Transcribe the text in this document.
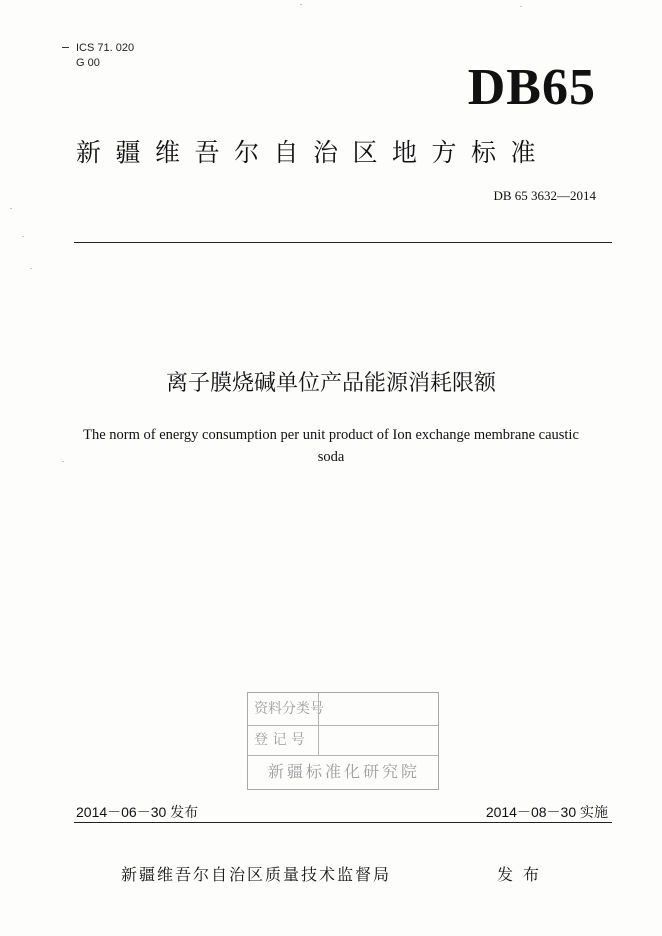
ICS 71. 020
G 00	DB65
新疆维吾尔自治区地方标准
DB 65 3632—2014
离子膜烧碱单位产品能源消耗限额
The norm of energy consumption per unit product of Ion exchange membrane caustic
soda
资料分类号
登 记 号
新疆标准化研究院
2014－06－30 发布	2014－08－30 实施
新疆维吾尔自治区质量技术监督局	发布
